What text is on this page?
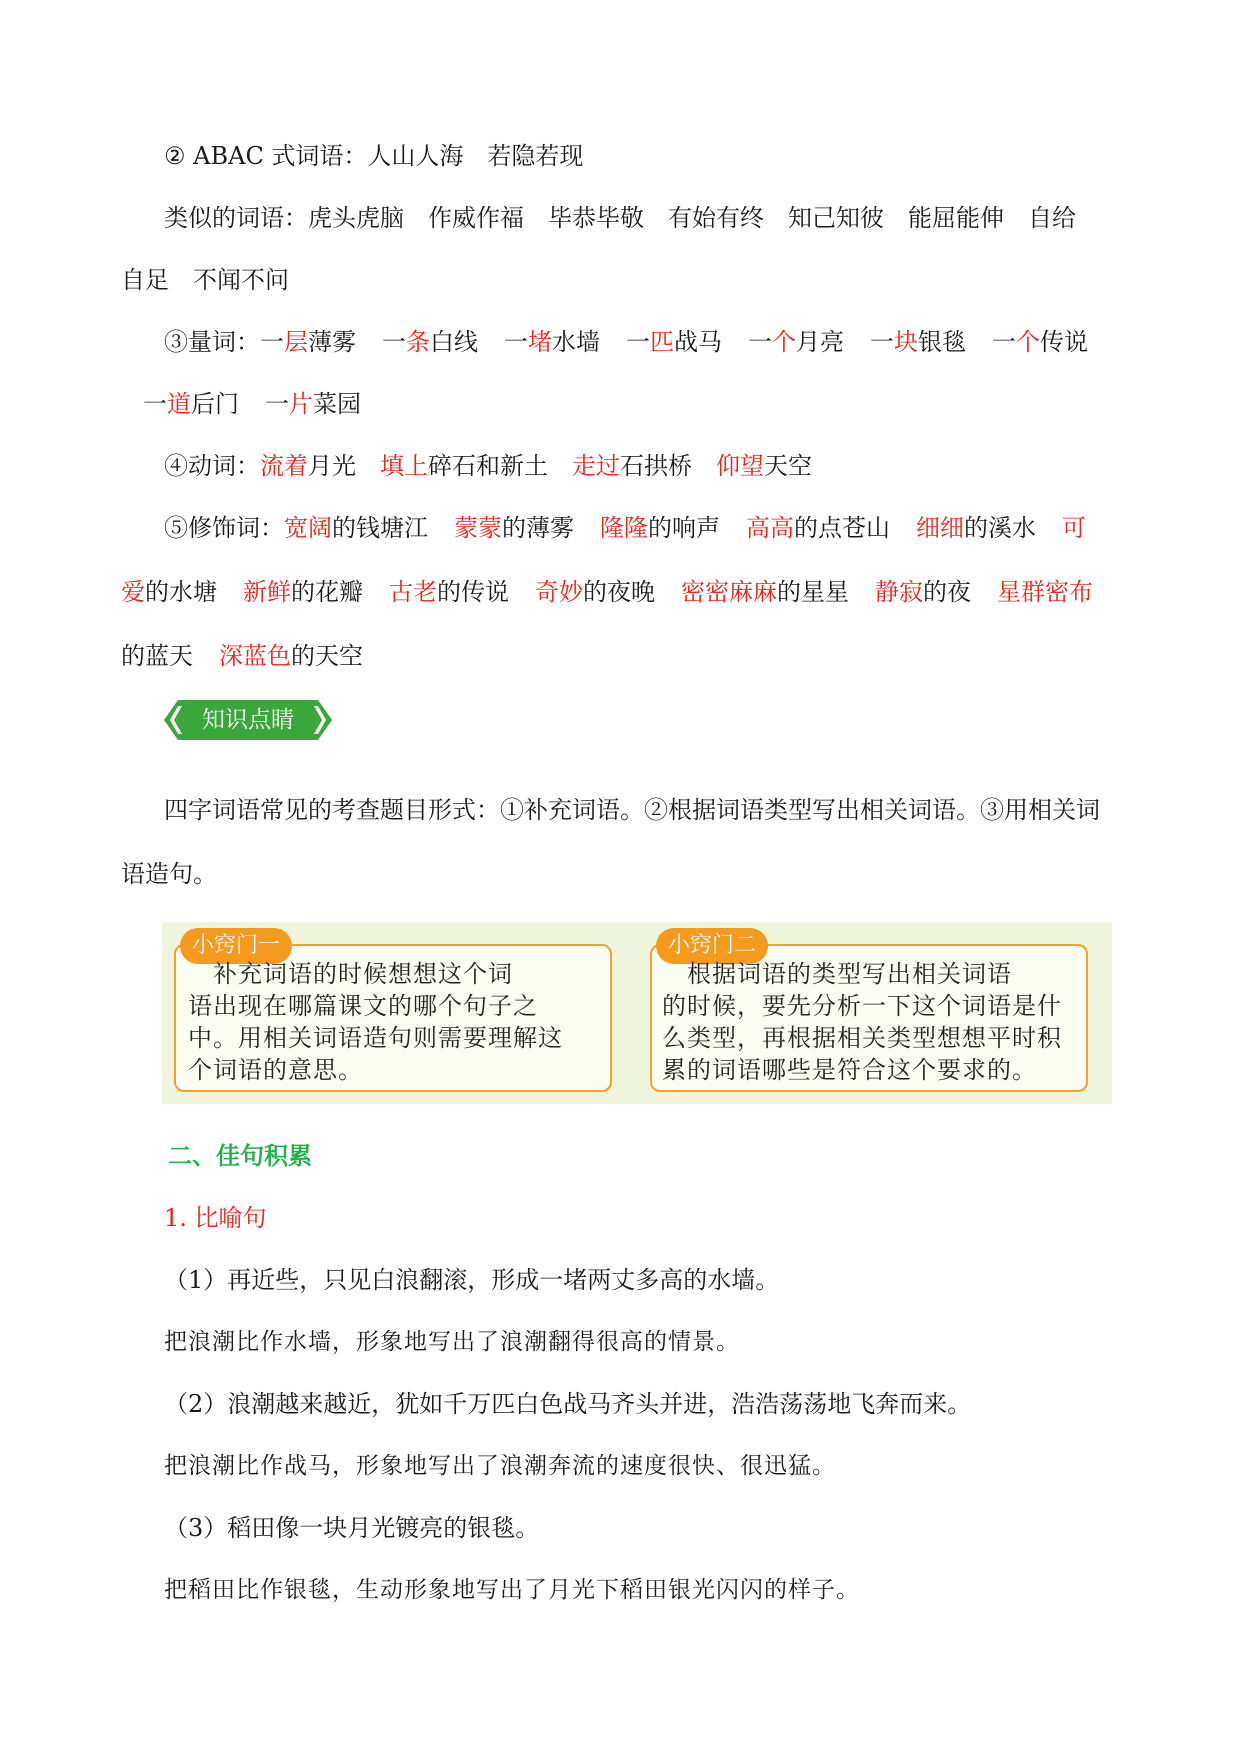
② ABAC 式词语：人山人海　若隐若现
类似的词语：虎头虎脑　作威作福　毕恭毕敬　有始有终　知己知彼　能屈能伸　自给
自足　不闻不问
③量词：一层薄雾 一条白线 一堵水墙 一匹战马 一个月亮 一块银毯 一个传说
一道后门 一片菜园
④动词：流着月光 填上碎石和新土 走过石拱桥 仰望天空
⑤修饰词：宽阔的钱塘江 蒙蒙的薄雾 隆隆的响声 高高的点苍山 细细的溪水 可
爱的水塘 新鲜的花瓣 古老的传说 奇妙的夜晚 密密麻麻的星星 静寂的夜 星群密布
的蓝天 深蓝色的天空
知识点睛
四字词语常见的考查题目形式：①补充词语。②根据词语类型写出相关词语。③用相关词
语造句。
小窍门一
　补充词语的时候想想这个词
语出现在哪篇课文的哪个句子之
中。用相关词语造句则需要理解这
个词语的意思。
小窍门二
　根据词语的类型写出相关词语
的时候，要先分析一下这个词语是什
么类型，再根据相关类型想想平时积
累的词语哪些是符合这个要求的。
二、佳句积累
1. 比喻句
（1）再近些，只见白浪翻滚，形成一堵两丈多高的水墙。
把浪潮比作水墙，形象地写出了浪潮翻得很高的情景。
（2）浪潮越来越近，犹如千万匹白色战马齐头并进，浩浩荡荡地飞奔而来。
把浪潮比作战马，形象地写出了浪潮奔流的速度很快、很迅猛。
（3）稻田像一块月光镀亮的银毯。
把稻田比作银毯，生动形象地写出了月光下稻田银光闪闪的样子。
